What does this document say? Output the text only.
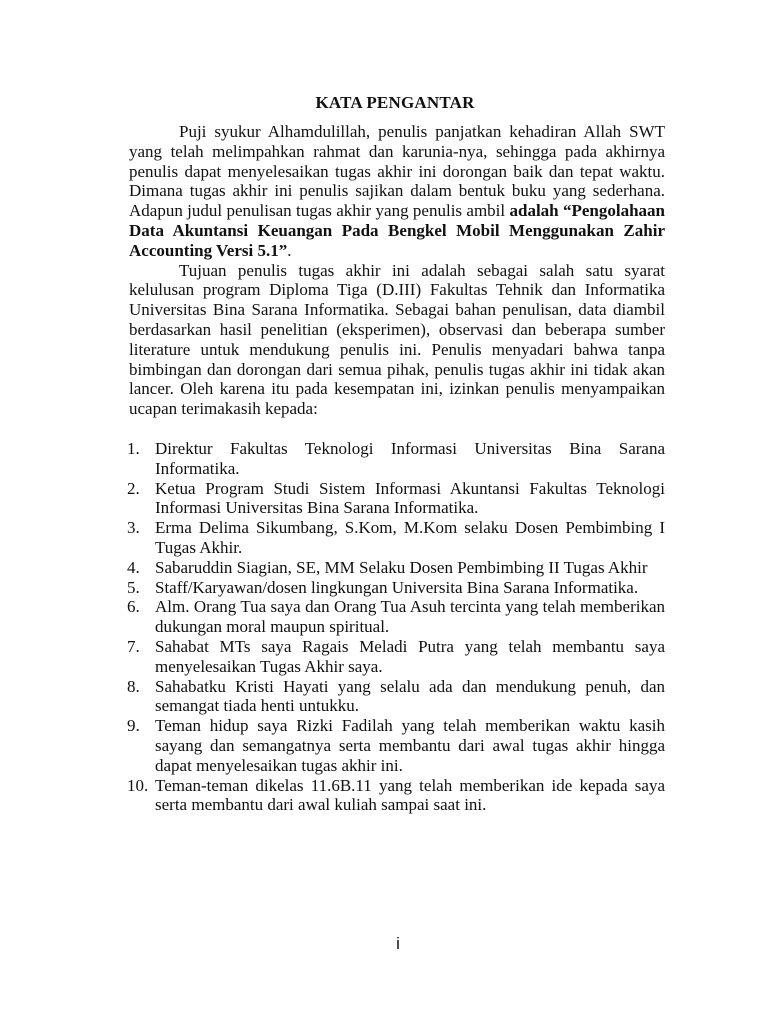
KATA PENGANTAR

Puji syukur Alhamdulillah, penulis panjatkan kehadiran Allah SWT yang telah melimpahkan rahmat dan karunia-nya, sehingga pada akhirnya penulis dapat menyelesaikan tugas akhir ini dorongan baik dan tepat waktu. Dimana tugas akhir ini penulis sajikan dalam bentuk buku yang sederhana. Adapun judul penulisan tugas akhir yang penulis ambil adalah “Pengolahaan Data Akuntansi Keuangan Pada Bengkel Mobil Menggunakan Zahir Accounting Versi 5.1”.

Tujuan penulis tugas akhir ini adalah sebagai salah satu syarat kelulusan program Diploma Tiga (D.III) Fakultas Tehnik dan Informatika Universitas Bina Sarana Informatika. Sebagai bahan penulisan, data diambil berdasarkan hasil penelitian (eksperimen), observasi dan beberapa sumber literature untuk mendukung penulis ini. Penulis menyadari bahwa tanpa bimbingan dan dorongan dari semua pihak, penulis tugas akhir ini tidak akan lancer. Oleh karena itu pada kesempatan ini, izinkan penulis menyampaikan ucapan terimakasih kepada:

1. Direktur Fakultas Teknologi Informasi Universitas Bina Sarana Informatika.
2. Ketua Program Studi Sistem Informasi Akuntansi Fakultas Teknologi Informasi Universitas Bina Sarana Informatika.
3. Erma Delima Sikumbang, S.Kom, M.Kom selaku Dosen Pembimbing I Tugas Akhir.
4. Sabaruddin Siagian, SE, MM Selaku Dosen Pembimbing II Tugas Akhir
5. Staff/Karyawan/dosen lingkungan Universita Bina Sarana Informatika.
6. Alm. Orang Tua saya dan Orang Tua Asuh tercinta yang telah memberikan dukungan moral maupun spiritual.
7. Sahabat MTs saya Ragais Meladi Putra yang telah membantu saya menyelesaikan Tugas Akhir saya.
8. Sahabatku Kristi Hayati yang selalu ada dan mendukung penuh, dan semangat tiada henti untukku.
9. Teman hidup saya Rizki Fadilah yang telah memberikan waktu kasih sayang dan semangatnya serta membantu dari awal tugas akhir hingga dapat menyelesaikan tugas akhir ini.
10. Teman-teman dikelas 11.6B.11 yang telah memberikan ide kepada saya serta membantu dari awal kuliah sampai saat ini.
i
